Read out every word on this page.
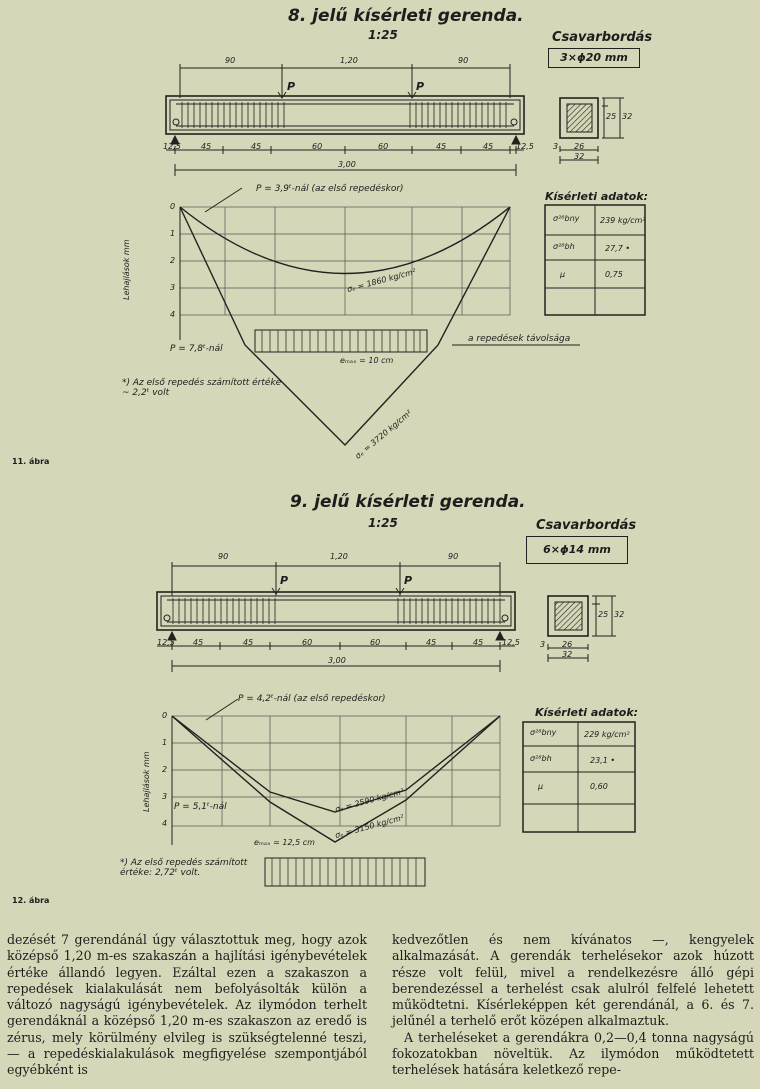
8. jelű kísérleti gerenda.
1:25	Csavarbordás
3×ϕ20 mm
90	1,20	90
P	P
12,5	45	45	60	60	45	45	12,5
3,00
25 32
3 26
32
Kísérleti adatok:
σ²⁸bny	239 kg/cm²
σ²⁸bh	27,7 •
μ	0,75
Lehajlások mm
0
1
2
3
4
P = 3,9ᵗ-nál (az első repedéskor)
P = 7,8ᵗ-nál
σₑ = 1860 kg/cm²
σₑ = 3720 kg/cm²
a repedések távolsága
eₘₐₓ = 10 cm
*) Az első repedés számított értéke ~ 2,2ᵗ volt
11. ábra
9. jelű kísérleti gerenda.
1:25	Csavarbordás
6×ϕ14 mm
90	1,20	90
P	P
12,5 45	45	60	60	45	45 12,5
3,00
25 32
3 26
32
Kísérleti adatok:
σ²⁸bny	229 kg/cm²
σ²⁸bh	23,1 •
μ	0,60
Lehajlások mm
0
1
2
3
4
P = 4,2ᵗ-nál (az első repedéskor)
P = 5,1ᵗ-nál	σₑ = 2590 kg/cm²
σₑ = 3150 kg/cm²
eₘₐₓ = 12,5 cm
*) Az első repedés számított értéke: 2,72ᵗ volt.
12. ábra

dezését 7 gerendánál úgy választottuk meg, hogy azok középső 1,20 m-es szakaszán a hajlítási igénybevételek értéke állandó legyen. Ezáltal ezen a szakaszon a repedések kialakulását nem befolyásolták külön a változó nagyságú igénybevételek. Az ilymódon terhelt gerendáknál a középső 1,20 m-es szakaszon az eredő is zérus, mely körülmény elvileg is szükségtelenné teszi, — a repedéskialakulások megfigyelése szempontjából egyébként is

kedvezőtlen és nem kívánatos —, kengyelek alkalmazását. A gerendák terhelésekor azok húzott része volt felül, mivel a rendelkezésre álló gépi berendezéssel a terhelést csak alulról felfelé lehetett működtetni. Kísérleképpen két gerendánál, a 6. és 7. jelűnél a terhelő erőt középen alkalmaztuk.

A terheléseket a gerendákra 0,2—0,4 tonna nagyságú fokozatokban növeltük. Az ilymódon működtetett terhelések hatására keletkező repe-
